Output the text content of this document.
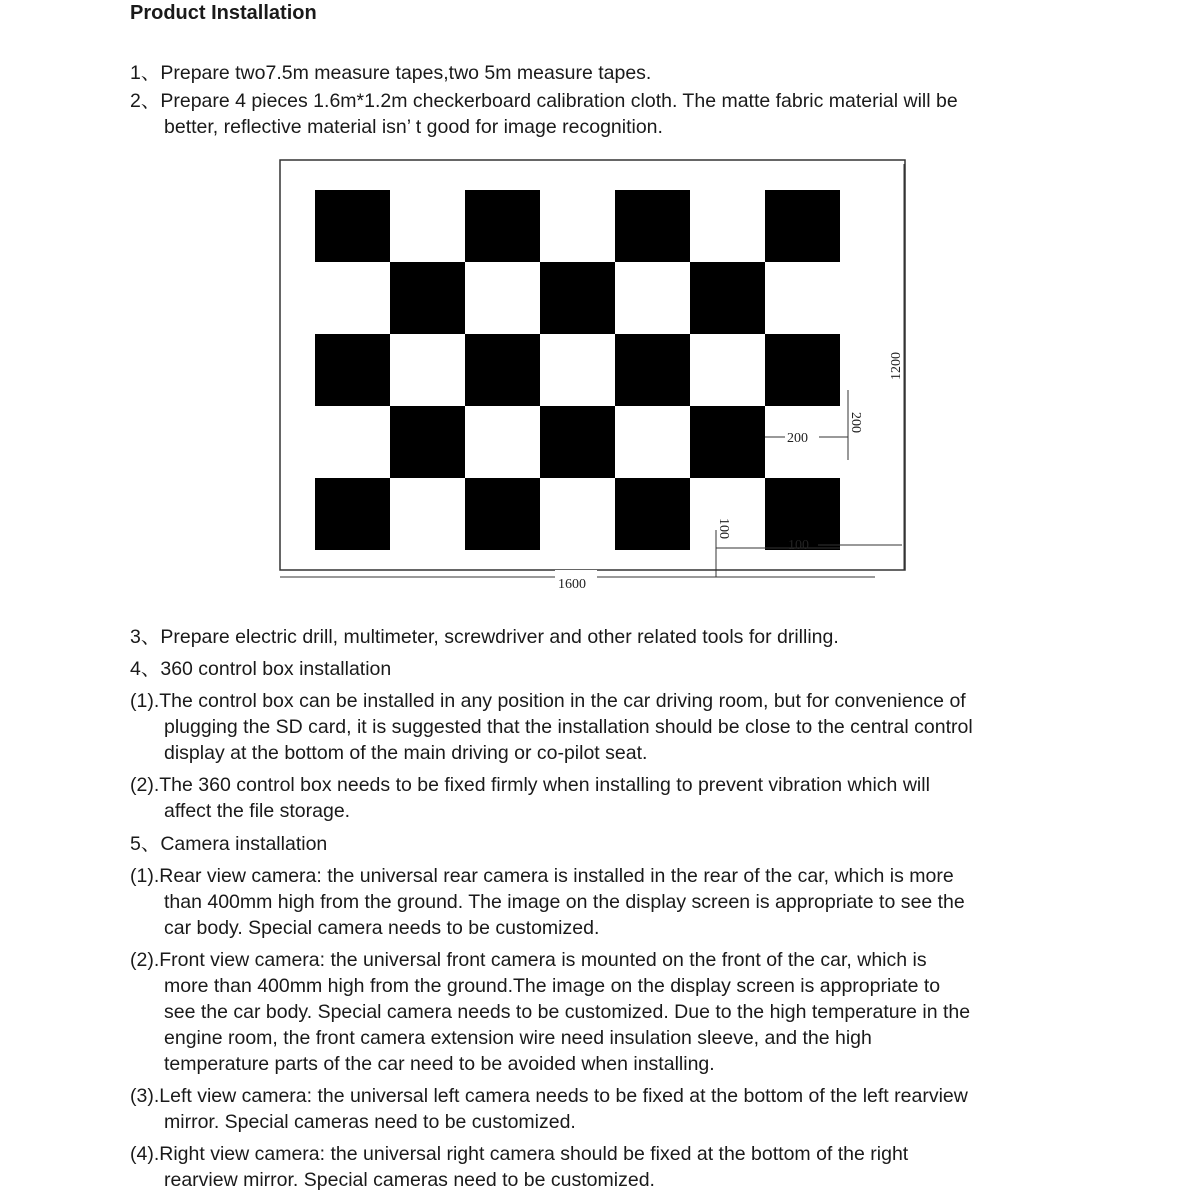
Product Installation
1、Prepare two7.5m measure tapes,two 5m measure tapes.
2、Prepare 4 pieces 1.6m*1.2m checkerboard calibration cloth. The matte fabric material will be
better, reflective material isn’ t good for image recognition.
100
100
200
200
1600
1200
3、Prepare electric drill, multimeter, screwdriver and other related tools for drilling.
4、360 control box installation
(1).The control box can be installed in any position in the car driving room, but for convenience of
plugging the SD card, it is suggested that the installation should be close to the central control
display at the bottom of the main driving or co-pilot seat.
(2).The 360 control box needs to be fixed firmly when installing to prevent vibration which will
affect the file storage.
5、Camera installation
(1).Rear view camera: the universal rear camera is installed in the rear of the car, which is more
than 400mm high from the ground. The image on the display screen is appropriate to see the
car body. Special camera needs to be customized.
(2).Front view camera: the universal front camera is mounted on the front of the car, which is
more than 400mm high from the ground.The image on the display screen is appropriate to
see the car body. Special camera needs to be customized. Due to the high temperature in the
engine room, the front camera extension wire need insulation sleeve, and the high
temperature parts of the car need to be avoided when installing.
(3).Left view camera: the universal left camera needs to be fixed at the bottom of the left rearview
mirror. Special cameras need to be customized.
(4).Right view camera: the universal right camera should be fixed at the bottom of the right
rearview mirror. Special cameras need to be customized.
